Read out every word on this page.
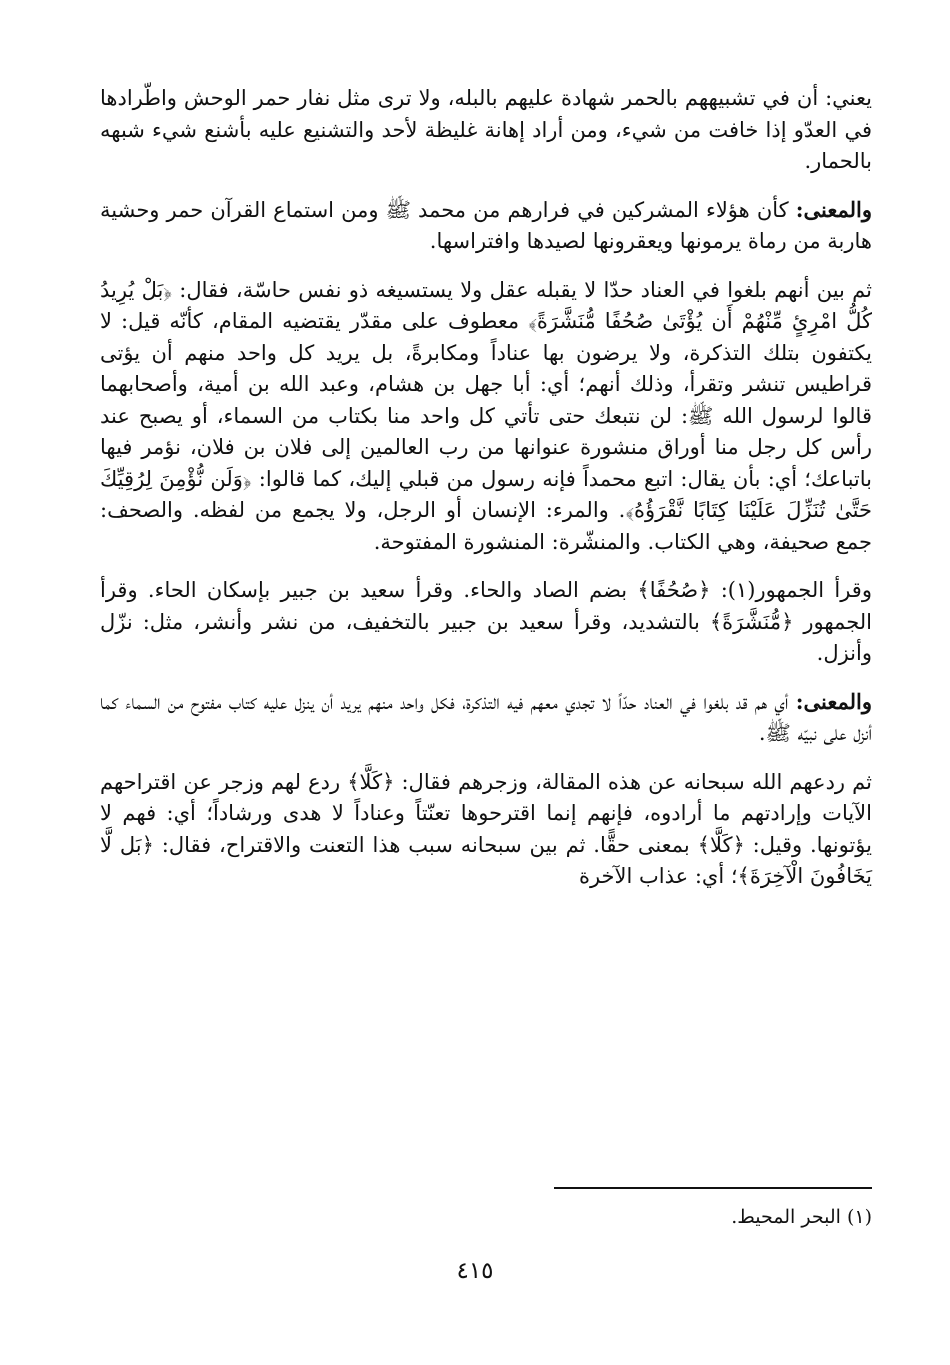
يعني: أن في تشبيههم بالحمر شهادة عليهم بالبله، ولا ترى مثل نفار حمر الوحش واطّرادها في العدّو إذا خافت من شيء، ومن أراد إهانة غليظة لأحد والتشنيع عليه بأشنع شيء شبهه بالحمار.

والمعنى: كأن هؤلاء المشركين في فرارهم من محمد ﷺ ومن استماع القرآن حمر وحشية هاربة من رماة يرمونها ويعقرونها لصيدها وافتراسها.

ثم بين أنهم بلغوا في العناد حدّا لا يقبله عقل ولا يستسيغه ذو نفس حاسّة، فقال: ﴿بَلْ يُرِيدُ كُلُّ امْرِئٍ مِّنْهُمْ أَن يُؤْتَىٰ صُحُفًا مُّنَشَّرَةً﴾ معطوف على مقدّر يقتضيه المقام، كأنّه قيل: لا يكتفون بتلك التذكرة، ولا يرضون بها عناداً ومكابرةً، بل يريد كل واحد منهم أن يؤتى قراطيس تنشر وتقرأ، وذلك أنهم؛ أي: أبا جهل بن هشام، وعبد الله بن أمية، وأصحابهما قالوا لرسول الله ﷺ: لن نتبعك حتى تأتي كل واحد منا بكتاب من السماء، أو يصبح عند رأس كل رجل منا أوراق منشورة عنوانها من رب العالمين إلى فلان بن فلان، نؤمر فيها باتباعك؛ أي: بأن يقال: اتبع محمداً فإنه رسول من قبلي إليك، كما قالوا: ﴿وَلَن نُّؤْمِنَ لِرُقِيِّكَ حَتَّىٰ تُنَزِّلَ عَلَيْنَا كِتَابًا نَّقْرَؤُهُ﴾. والمرء: الإنسان أو الرجل، ولا يجمع من لفظه. والصحف: جمع صحيفة، وهي الكتاب. والمنشّرة: المنشورة المفتوحة.

وقرأ الجمهور(١): ﴿صُحُفًا﴾ بضم الصاد والحاء. وقرأ سعيد بن جبير بإسكان الحاء. وقرأ الجمهور ﴿مُّنَشَّرَةً﴾ بالتشديد، وقرأ سعيد بن جبير بالتخفيف، من نشر وأنشر، مثل: نزّل وأنزل.

والمعنى: أي هم قد بلغوا في العناد حدّاً لا تجدي معهم فيه التذكرة، فكل واحد منهم يريد أن ينزل عليه كتاب مفتوح من السماء كما أنزل على نبيّه ﷺ.

ثم ردعهم الله سبحانه عن هذه المقالة، وزجرهم فقال: ﴿كَلَّا﴾ ردع لهم وزجر عن اقتراحهم الآيات وإرادتهم ما أرادوه، فإنهم إنما اقترحوها تعنّتاً وعناداً لا هدى ورشاداً؛ أي: فهم لا يؤتونها. وقيل: ﴿كَلَّا﴾ بمعنى حقًّا. ثم بين سبحانه سبب هذا التعنت والاقتراح، فقال: ﴿بَل لَّا يَخَافُونَ الْآخِرَةَ﴾؛ أي: عذاب الآخرة

(١) البحر المحيط.
٤١٥
